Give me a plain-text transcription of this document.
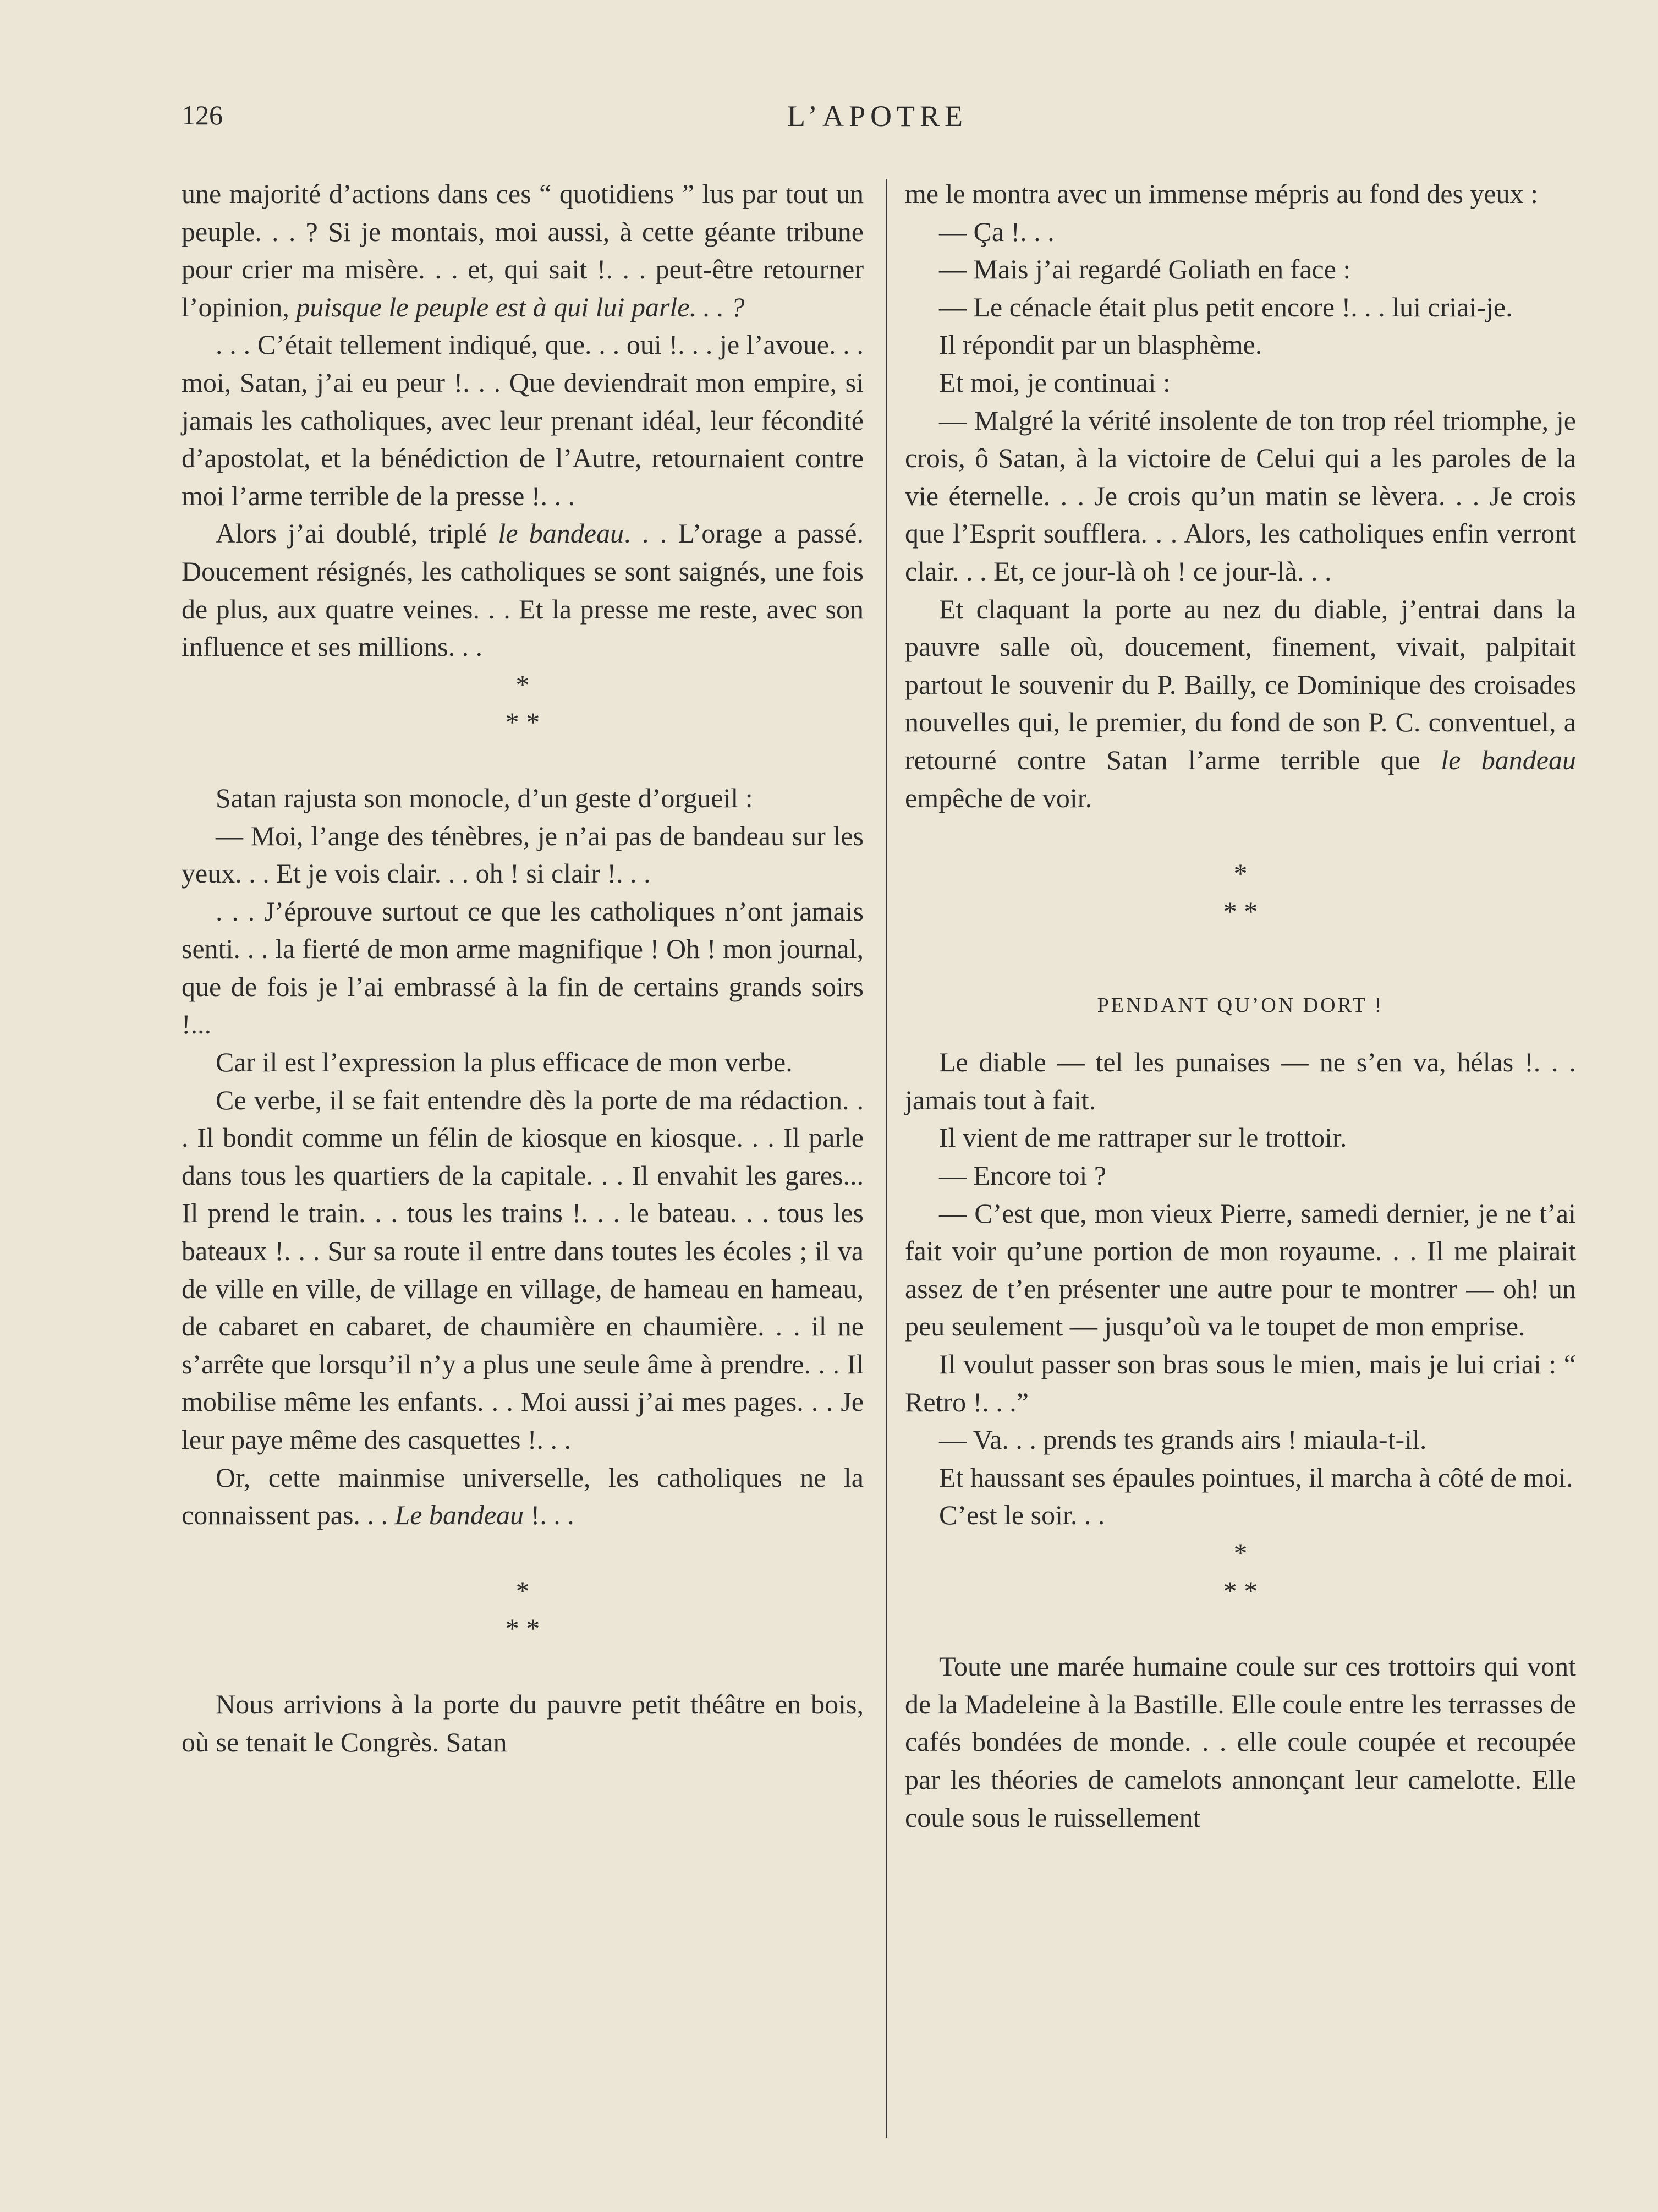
126	L’APOTRE

une majorité d’actions dans ces “ quotidiens ” lus par tout un peuple. . . ? Si je montais, moi aussi, à cette géante tribune pour crier ma misère. . . et, qui sait !. . . peut-être retourner l’opinion, puisque le peuple est à qui lui parle. . . ?

. . . C’était tellement indiqué, que. . . oui !. . . je l’avoue. . . moi, Satan, j’ai eu peur !. . . Que deviendrait mon empire, si jamais les catholiques, avec leur prenant idéal, leur fécondité d’apostolat, et la bénédiction de l’Autre, retournaient contre moi l’arme terrible de la presse !. . .

Alors j’ai doublé, triplé le bandeau. . . L’orage a passé. Doucement résignés, les catholiques se sont saignés, une fois de plus, aux quatre veines. . . Et la presse me reste, avec son influence et ses millions. . .

*
* *

Satan rajusta son monocle, d’un geste d’orgueil :

— Moi, l’ange des ténèbres, je n’ai pas de bandeau sur les yeux. . . Et je vois clair. . . oh ! si clair !. . .

. . . J’éprouve surtout ce que les catholiques n’ont jamais senti. . . la fierté de mon arme magnifique ! Oh ! mon journal, que de fois je l’ai embrassé à la fin de certains grands soirs !...

Car il est l’expression la plus efficace de mon verbe.

Ce verbe, il se fait entendre dès la porte de ma rédaction. . . Il bondit comme un félin de kiosque en kiosque. . . Il parle dans tous les quartiers de la capitale. . . Il envahit les gares... Il prend le train. . . tous les trains !. . . le bateau. . . tous les bateaux !. . . Sur sa route il entre dans toutes les écoles ; il va de ville en ville, de village en village, de hameau en hameau, de cabaret en cabaret, de chaumière en chaumière. . . il ne s’arrête que lorsqu’il n’y a plus une seule âme à prendre. . . Il mobilise même les enfants. . . Moi aussi j’ai mes pages. . . Je leur paye même des casquettes !. . .

Or, cette mainmise universelle, les catholiques ne la connaissent pas. . . Le bandeau !. . .

*
* *

Nous arrivions à la porte du pauvre petit théâtre en bois, où se tenait le Congrès. Satan

me le montra avec un immense mépris au fond des yeux :

— Ça !. . .

— Mais j’ai regardé Goliath en face :

— Le cénacle était plus petit encore !. . . lui criai-je.

Il répondit par un blasphème.

Et moi, je continuai :

— Malgré la vérité insolente de ton trop réel triomphe, je crois, ô Satan, à la victoire de Celui qui a les paroles de la vie éternelle. . . Je crois qu’un matin se lèvera. . . Je crois que l’Esprit soufflera. . . Alors, les catholiques enfin verront clair. . . Et, ce jour-là oh ! ce jour-là. . .

Et claquant la porte au nez du diable, j’entrai dans la pauvre salle où, doucement, finement, vivait, palpitait partout le souvenir du P. Bailly, ce Dominique des croisades nouvelles qui, le premier, du fond de son P. C. conventuel, a retourné contre Satan l’arme terrible que le bandeau empêche de voir.

*
* *
PENDANT QU’ON DORT !

Le diable — tel les punaises — ne s’en va, hélas !. . . jamais tout à fait.

Il vient de me rattraper sur le trottoir.

— Encore toi ?

— C’est que, mon vieux Pierre, samedi dernier, je ne t’ai fait voir qu’une portion de mon royaume. . . Il me plairait assez de t’en présenter une autre pour te montrer — oh! un peu seulement — jusqu’où va le toupet de mon emprise.

Il voulut passer son bras sous le mien, mais je lui criai : “ Retro !. . .”

— Va. . . prends tes grands airs ! miaula-t-il.

Et haussant ses épaules pointues, il marcha à côté de moi.

C’est le soir. . .

*
* *

Toute une marée humaine coule sur ces trottoirs qui vont de la Madeleine à la Bastille. Elle coule entre les terrasses de cafés bondées de monde. . . elle coule coupée et recoupée par les théories de camelots annonçant leur camelotte. Elle coule sous le ruissellement
